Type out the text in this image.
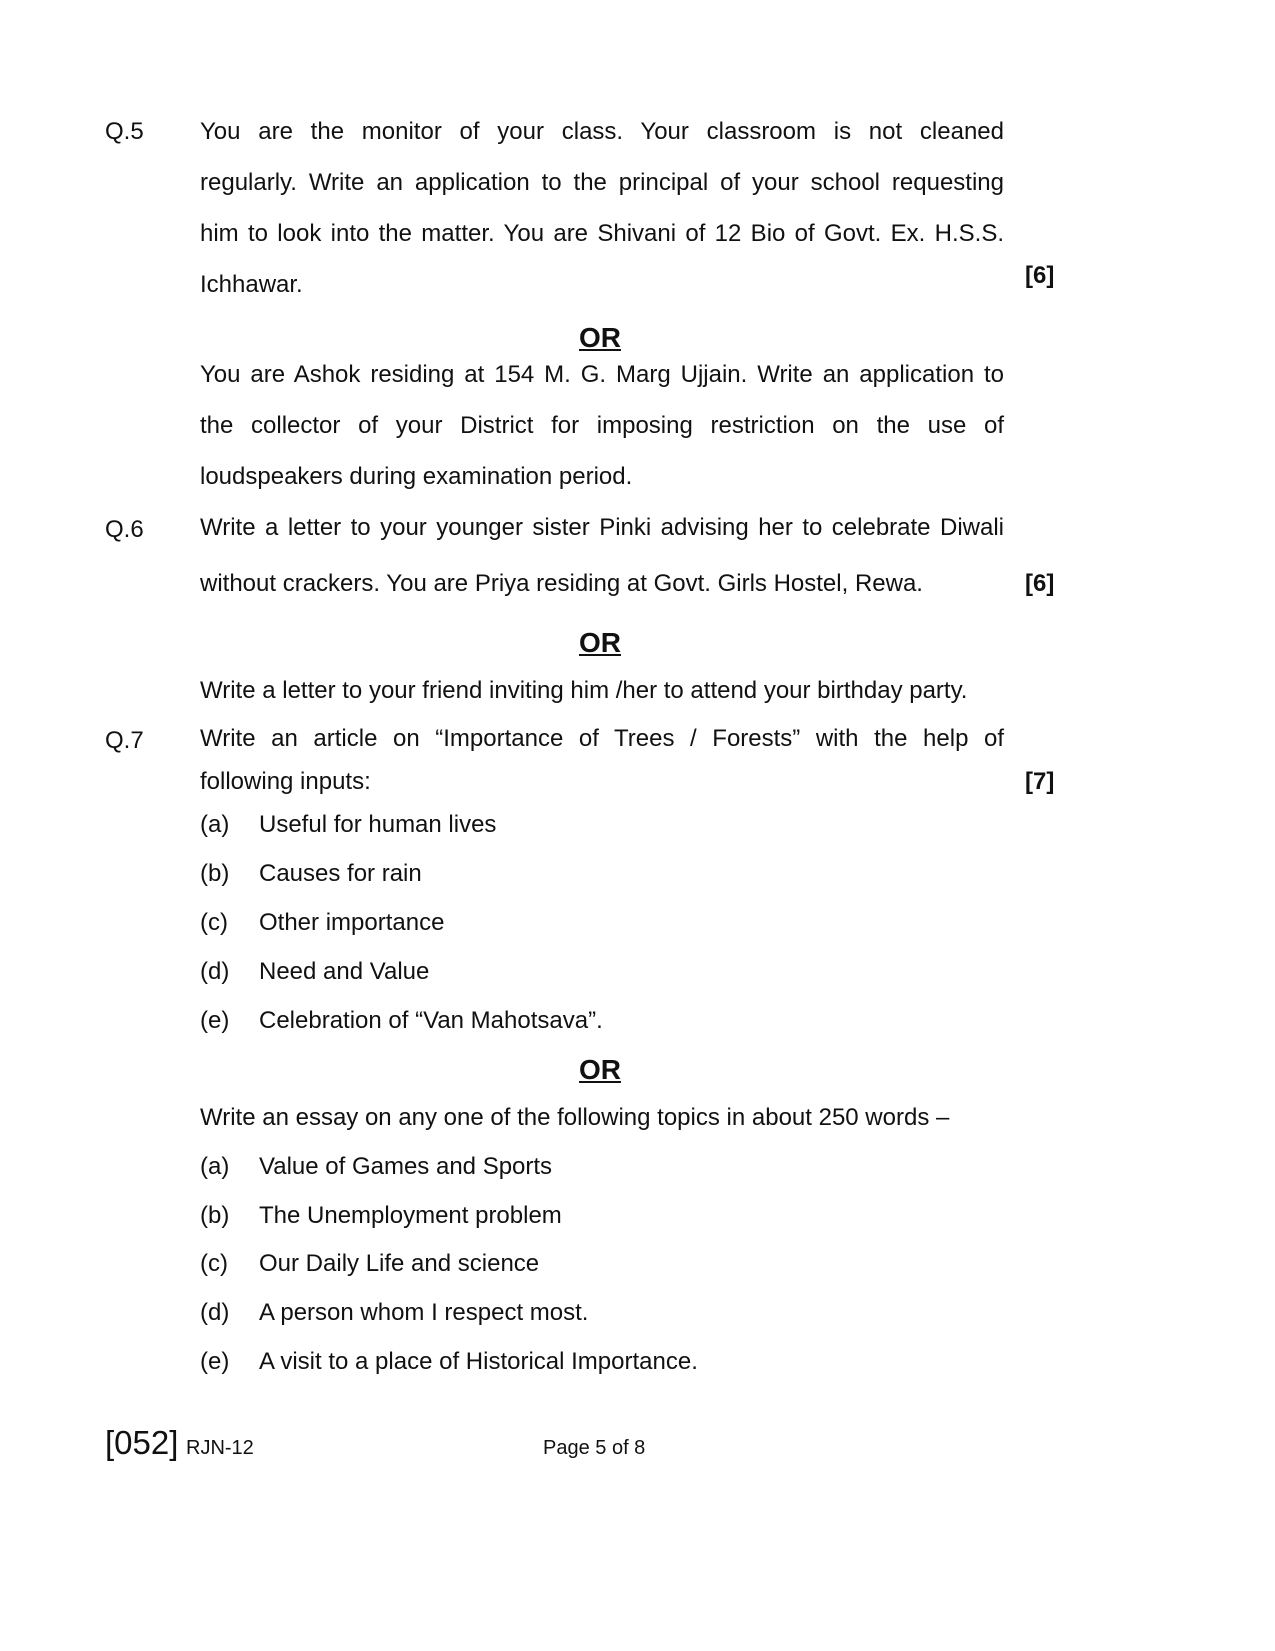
Q.5 You are the monitor of your class. Your classroom is not cleaned
regularly. Write an application to the principal of your school requesting
him to look into the matter. You are Shivani of 12 Bio of Govt. Ex. H.S.S.
Ichhawar.	[6]
OR
You are Ashok residing at 154 M. G. Marg Ujjain. Write an application to
the collector of your District for imposing restriction on the use of
loudspeakers during examination period.
Q.6 Write a letter to your younger sister Pinki advising her to celebrate Diwali
without crackers. You are Priya residing at Govt. Girls Hostel, Rewa.	[6]
OR
Write a letter to your friend inviting him /her to attend your birthday party.
Q.7 Write an article on “Importance of Trees / Forests” with the help of
following inputs:	[7]
(a) Useful for human lives
(b) Causes for rain
(c) Other importance
(d) Need and Value
(e) Celebration of “Van Mahotsava”.
OR
Write an essay on any one of the following topics in about 250 words –
(a) Value of Games and Sports
(b) The Unemployment problem
(c) Our Daily Life and science
(d) A person whom I respect most.
(e) A visit to a place of Historical Importance.
[052] RJN-12	Page 5 of 8
